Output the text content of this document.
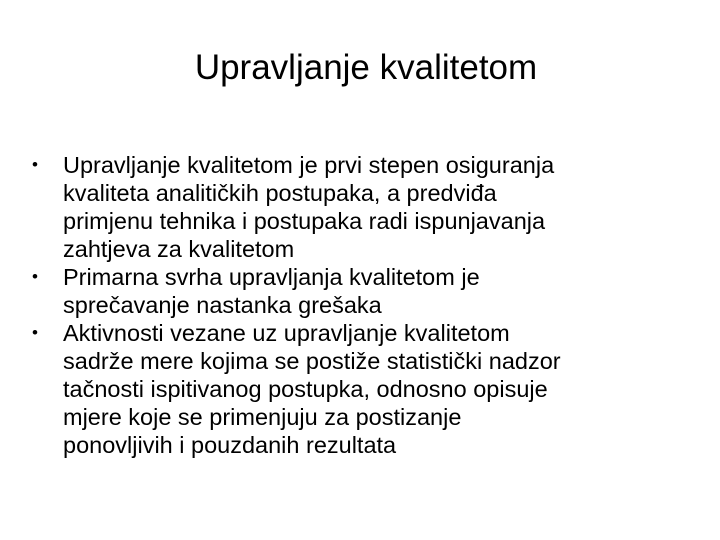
Upravljanje kvalitetom
• Upravljanje kvalitetom je prvi stepen osiguranja
kvaliteta analitičkih postupaka, a predviđa
primjenu tehnika i postupaka radi ispunjavanja
zahtjeva za kvalitetom
• Primarna svrha upravljanja kvalitetom je
sprečavanje nastanka grešaka
• Aktivnosti vezane uz upravljanje kvalitetom
sadrže mere kojima se postiže statistički nadzor
tačnosti ispitivanog postupka, odnosno opisuje
mjere koje se primenjuju za postizanje
ponovljivih i pouzdanih rezultata
